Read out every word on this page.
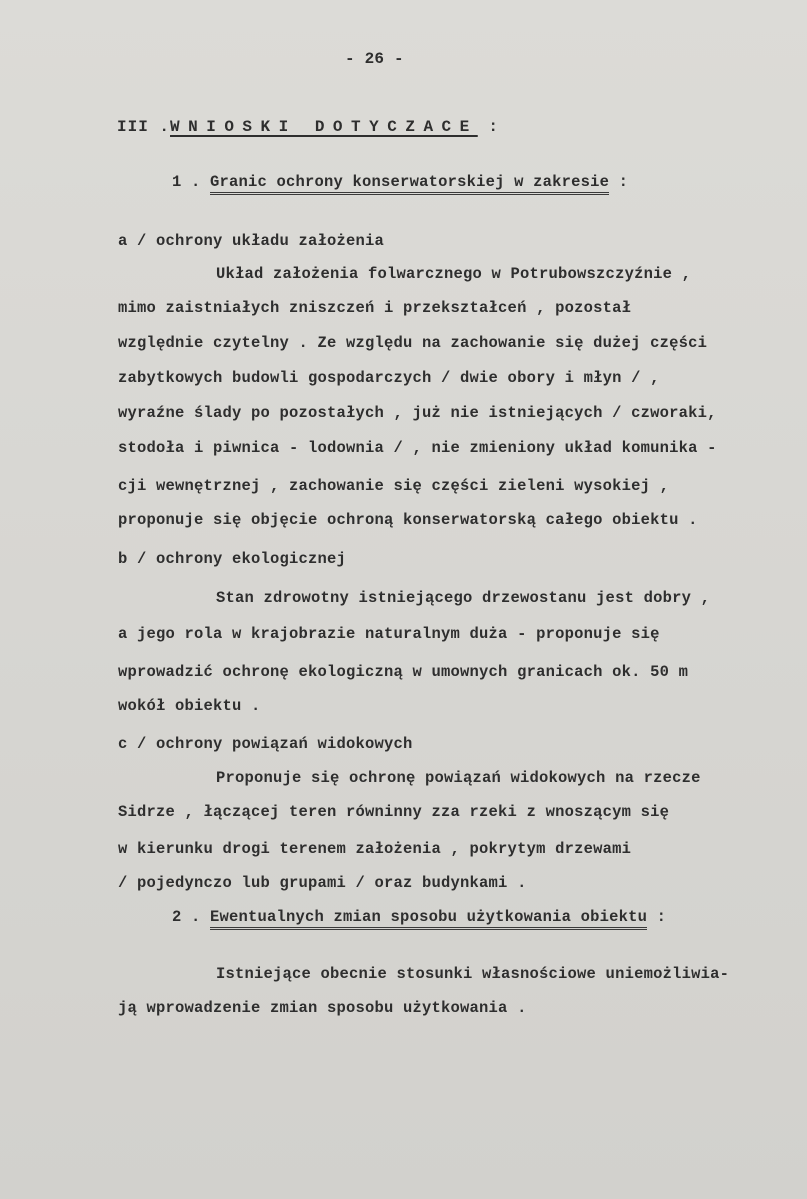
- 26 -
III .WNIOSKI DOTYCZACE :
1 . Granic ochrony konserwatorskiej w zakresie :
a / ochrony układu założenia
Układ założenia folwarcznego w Potrubowszczyźnie ,
mimo zaistniałych zniszczeń i przekształceń , pozostał
względnie czytelny . Ze względu na zachowanie się dużej części
zabytkowych budowli gospodarczych / dwie obory i młyn / ,
wyraźne ślady po pozostałych , już nie istniejących / czworaki,
stodoła i piwnica - lodownia / , nie zmieniony układ komunika -
cji wewnętrznej , zachowanie się części zieleni wysokiej ,
proponuje się objęcie ochroną konserwatorską całego obiektu .
b / ochrony ekologicznej
Stan zdrowotny istniejącego drzewostanu jest dobry ,
a jego rola w krajobrazie naturalnym duża - proponuje się
wprowadzić ochronę ekologiczną w umownych granicach ok. 50 m
wokół obiektu .
c / ochrony powiązań widokowych
Proponuje się ochronę powiązań widokowych na rzecze
Sidrze , łączącej teren równinny zza rzeki z wnoszącym się
w kierunku drogi terenem założenia , pokrytym drzewami
/ pojedynczo lub grupami / oraz budynkami .
2 . Ewentualnych zmian sposobu użytkowania obiektu :
Istniejące obecnie stosunki własnościowe uniemożliwia-
ją wprowadzenie zmian sposobu użytkowania .
